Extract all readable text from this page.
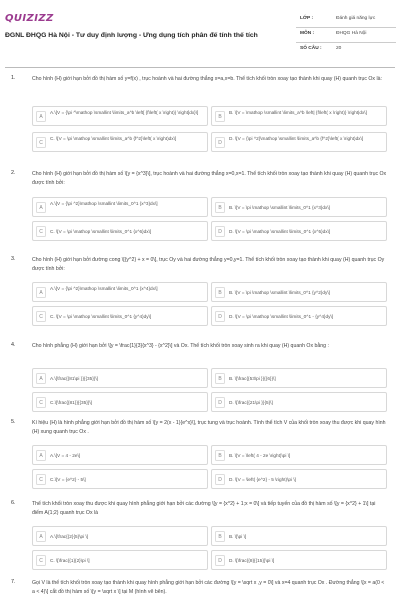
QUIZIZZ
ĐGNL ĐHQG Hà Nội - Tư duy định lượng - Ứng dụng tích phân để tính thể tích
LỚP :	Đánh giá năng lực
MÔN :	ĐHQG Hà Nội
SỐ CÂU :	20
1.	Cho hình (H) giới hạn bởi đồ thị hàm số y=f(x) , trục hoành và hai đường thẳng x=a,x=b. Thể tích khối tròn xoay tạo thành khi quay (H) quanh trục Ox là:
A
A.\[V = {\pi ^\mathop \smallint \limits_a^b \left[ {f\left( x \right)} \right]dx}\]
B
B. \[V = \mathop \smallint \limits_a^b \left| {f\left( x \right)} \right|dx\]
C
C. \[V = \pi \mathop \smallint \limits_a^b {f^2}\left( x \right)dx\]
D
D. \[V = {\pi ^2}\mathop \smallint \limits_a^b {f^2}\left( x \right)dx\]
2.	Cho hình (H) giới hạn bởi đồ thị hàm số \[y = {x^3}\], trục hoành và hai đường thẳng x=0,x=1. Thể tích khối tròn xoay tạo thành khi quay (H) quanh trục Ox được tính bởi:
A
A.\[V = {\pi ^2}\mathop \smallint \limits_0^1 {x^3}dx\]
B	B. \[V = \pi \mathop \smallint \limits_0^1 {x^3}dx\]
C	C. \[V = \pi \mathop \smallint \limits_0^1 {x^6}dx\]	D	D. \[V = \pi \mathop \smallint \limits_0^1 {x^5}dx\]
3.	Cho hình (H) giới hạn bởi đường cong \[{y^2} + x = 0\], trục Oy và hai đường thẳng y=0,y=1. Thể tích khối tròn xoay tạo thành khi quay (H) quanh trục Oy được tính bởi:
A
A.\[V = {\pi ^2}\mathop \smallint \limits_0^1 {x^4}dx\]
B	B. \[V = \pi \mathop \smallint \limits_0^1 {y^2}dy\]
C	C. \[V = \pi \mathop \smallint \limits_0^1 {y^4}dy\]	D	D. \[V = \pi \mathop \smallint \limits_0^1 - {y^4}dy\]
4.	Cho hình phẳng (H) giới hạn bởi \[y = \frac{1}{3}{x^3} - {x^2}\] và Ox. Thể tích khối tròn xoay sinh ra khi quay (H) quanh Ox bằng :
A	A.\[\frac{{81\pi }}{{35}}\]	B	B. \[\frac{{53\pi }}{{6}}\]
C	C.\[\frac{{81}}{{35}}\]	D	D. \[\frac{{21\pi }}{5}\]
5.	Kí hiệu (H) là hình phẳng giới hạn bởi đồ thị hàm số \[y = 2(x - 1){e^x}\], trục tung và trục hoành. Tính thể tích V của khối tròn xoay thu được khi quay hình (H) xung quanh trục Ox .
A	A.\[V = 4 - 2e\]	B	B. \[V = \left( 4 - 2e \right)\pi \]
C	C.\[V = {e^2} - 5\]	D	D. \[V = \left( {e^2} - 5 \right)\pi \]
6.	Thể tích khối tròn xoay thu được khi quay hình phẳng giới hạn bởi các đường \[y = {x^2} + 1;x = 0\] và tiếp tuyến của đồ thị hàm số \[y = {x^2} + 1\] tại điểm A(1;2) quanh trục Ox là
A	A.\[\frac{{2}{5}\pi \]	B	B. \[\pi \]
C	C. \[\frac{{1}{2}\pi \]	D	D. \[\frac{{8}{{15}}\pi \]
7.	Gọi V là thể tích khối tròn xoay tạo thành khi quay hình phẳng giới hạn bởi các đường \[y = \sqrt x ,y = 0\] và x=4 quanh trục Ox . Đường thẳng \[x = a(0 < a < 4)\] cắt đồ thị hàm số \[y = \sqrt x \] tại M (hình vẽ bên).
